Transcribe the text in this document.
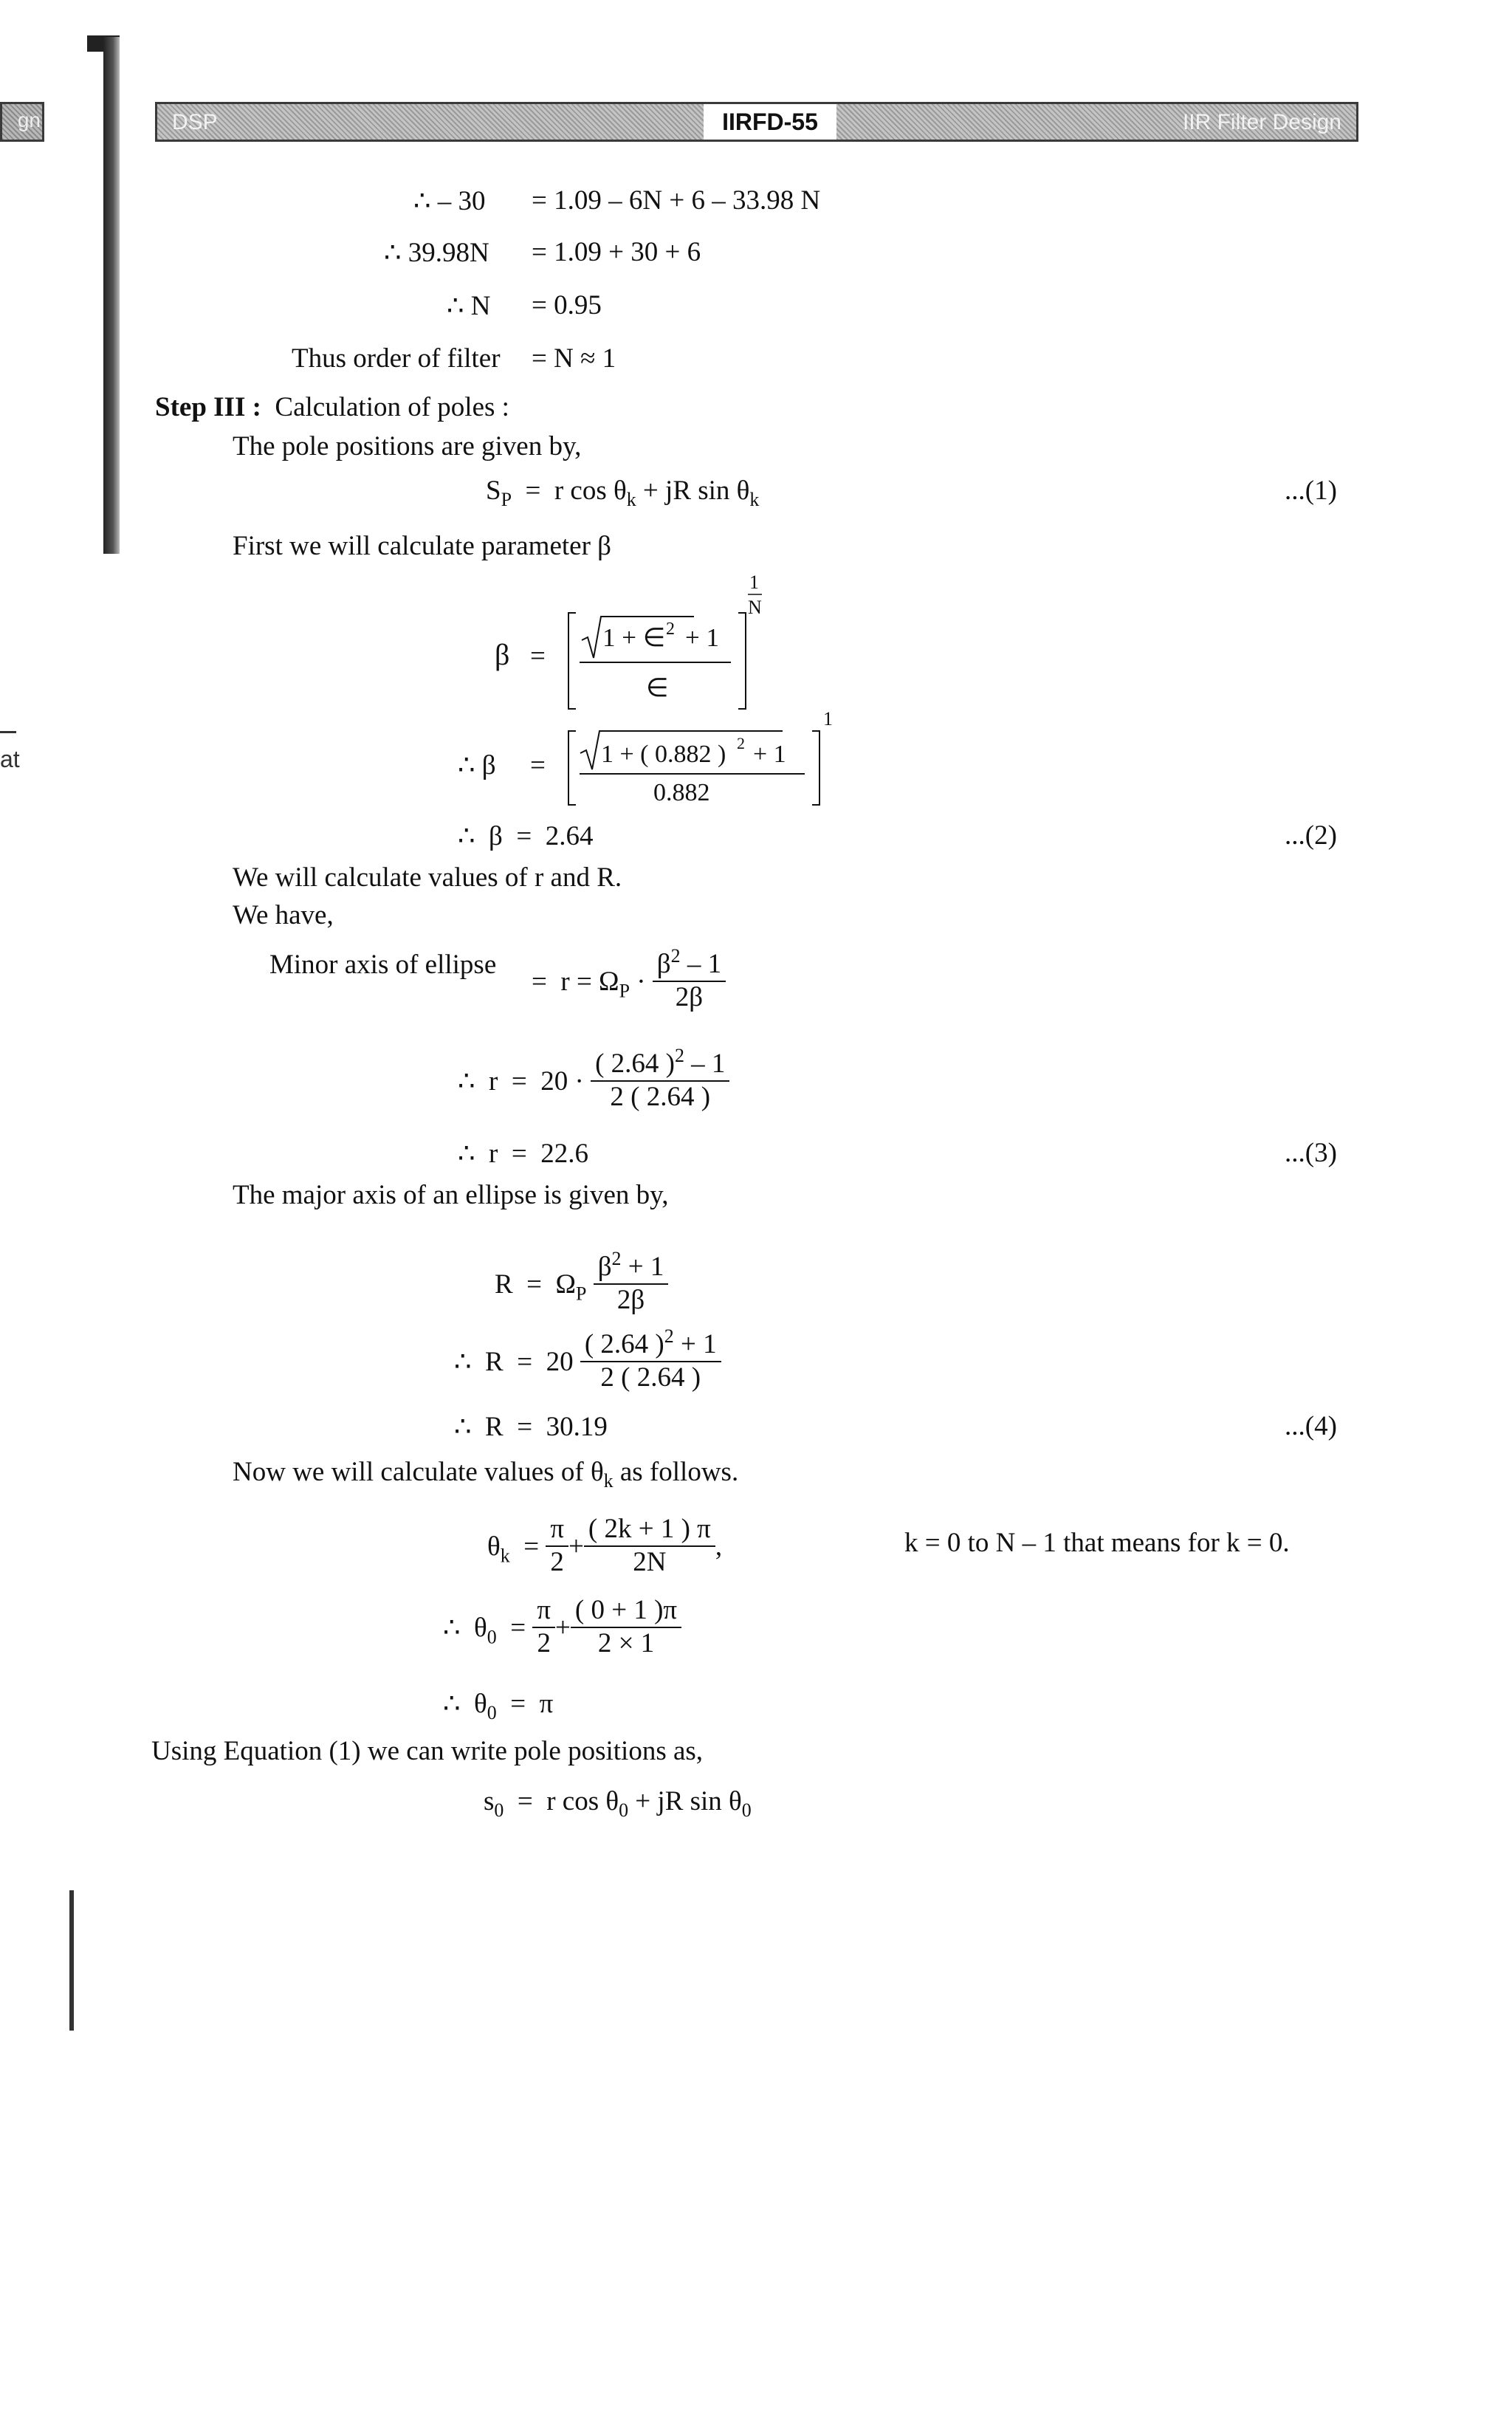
gn
at
DSP	IIRFD-55	IIR Filter Design
∴ – 30 = 1.09 – 6N + 6 – 33.98 N
∴ 39.98N = 1.09 + 30 + 6
∴ N = 0.95
Thus order of filter = N ≈ 1
Step III : Calculation of poles :
The pole positions are given by,
$S_P = r$ $\cos \theta_k$ + jR $\sin \theta_k$	...(1)
First we will calculate parameter β
β =
1 + ∈ 2 + 1
∈
1
N
∴ β = 1 + ( 0.882 ) 2 + 1
0.882
1
∴  β  =  2.64	...(2)
We will calculate values of r and R.
We have,
Minor axis of ellipse
=  $r = \Omega_P \cdot \frac{\beta^2 - 1}{2\beta}$
∴  $r = 20 \cdot \frac{( 2.64 )^2 - 1}{2 ( 2.64 )}$
∴  r  =  22.6	...(3)
The major axis of an ellipse is given by,
$R = \Omega_P \frac{\beta^2 + 1}{2\beta}$
∴  $R = 20 \frac{( 2.64 )^2 + 1}{2 ( 2.64 )}$
∴  R  =  30.19	...(4)
Now we will calculate values of $\theta_k$ as follows.
$\theta_k = \frac{\pi}{2} + \frac{( 2k + 1 ) \pi}{2N}$ ,	k = 0 to N – 1 that means for k = 0.
∴  $\theta_0 = \frac{\pi}{2} + \frac{( 0 + 1 )\pi}{2 \times 1}$
∴  $\theta_0 = \pi$
Using Equation (1) we can write pole positions as,
$s_0 = r$ $\cos \theta_0$ + jR $\sin \theta_0$
